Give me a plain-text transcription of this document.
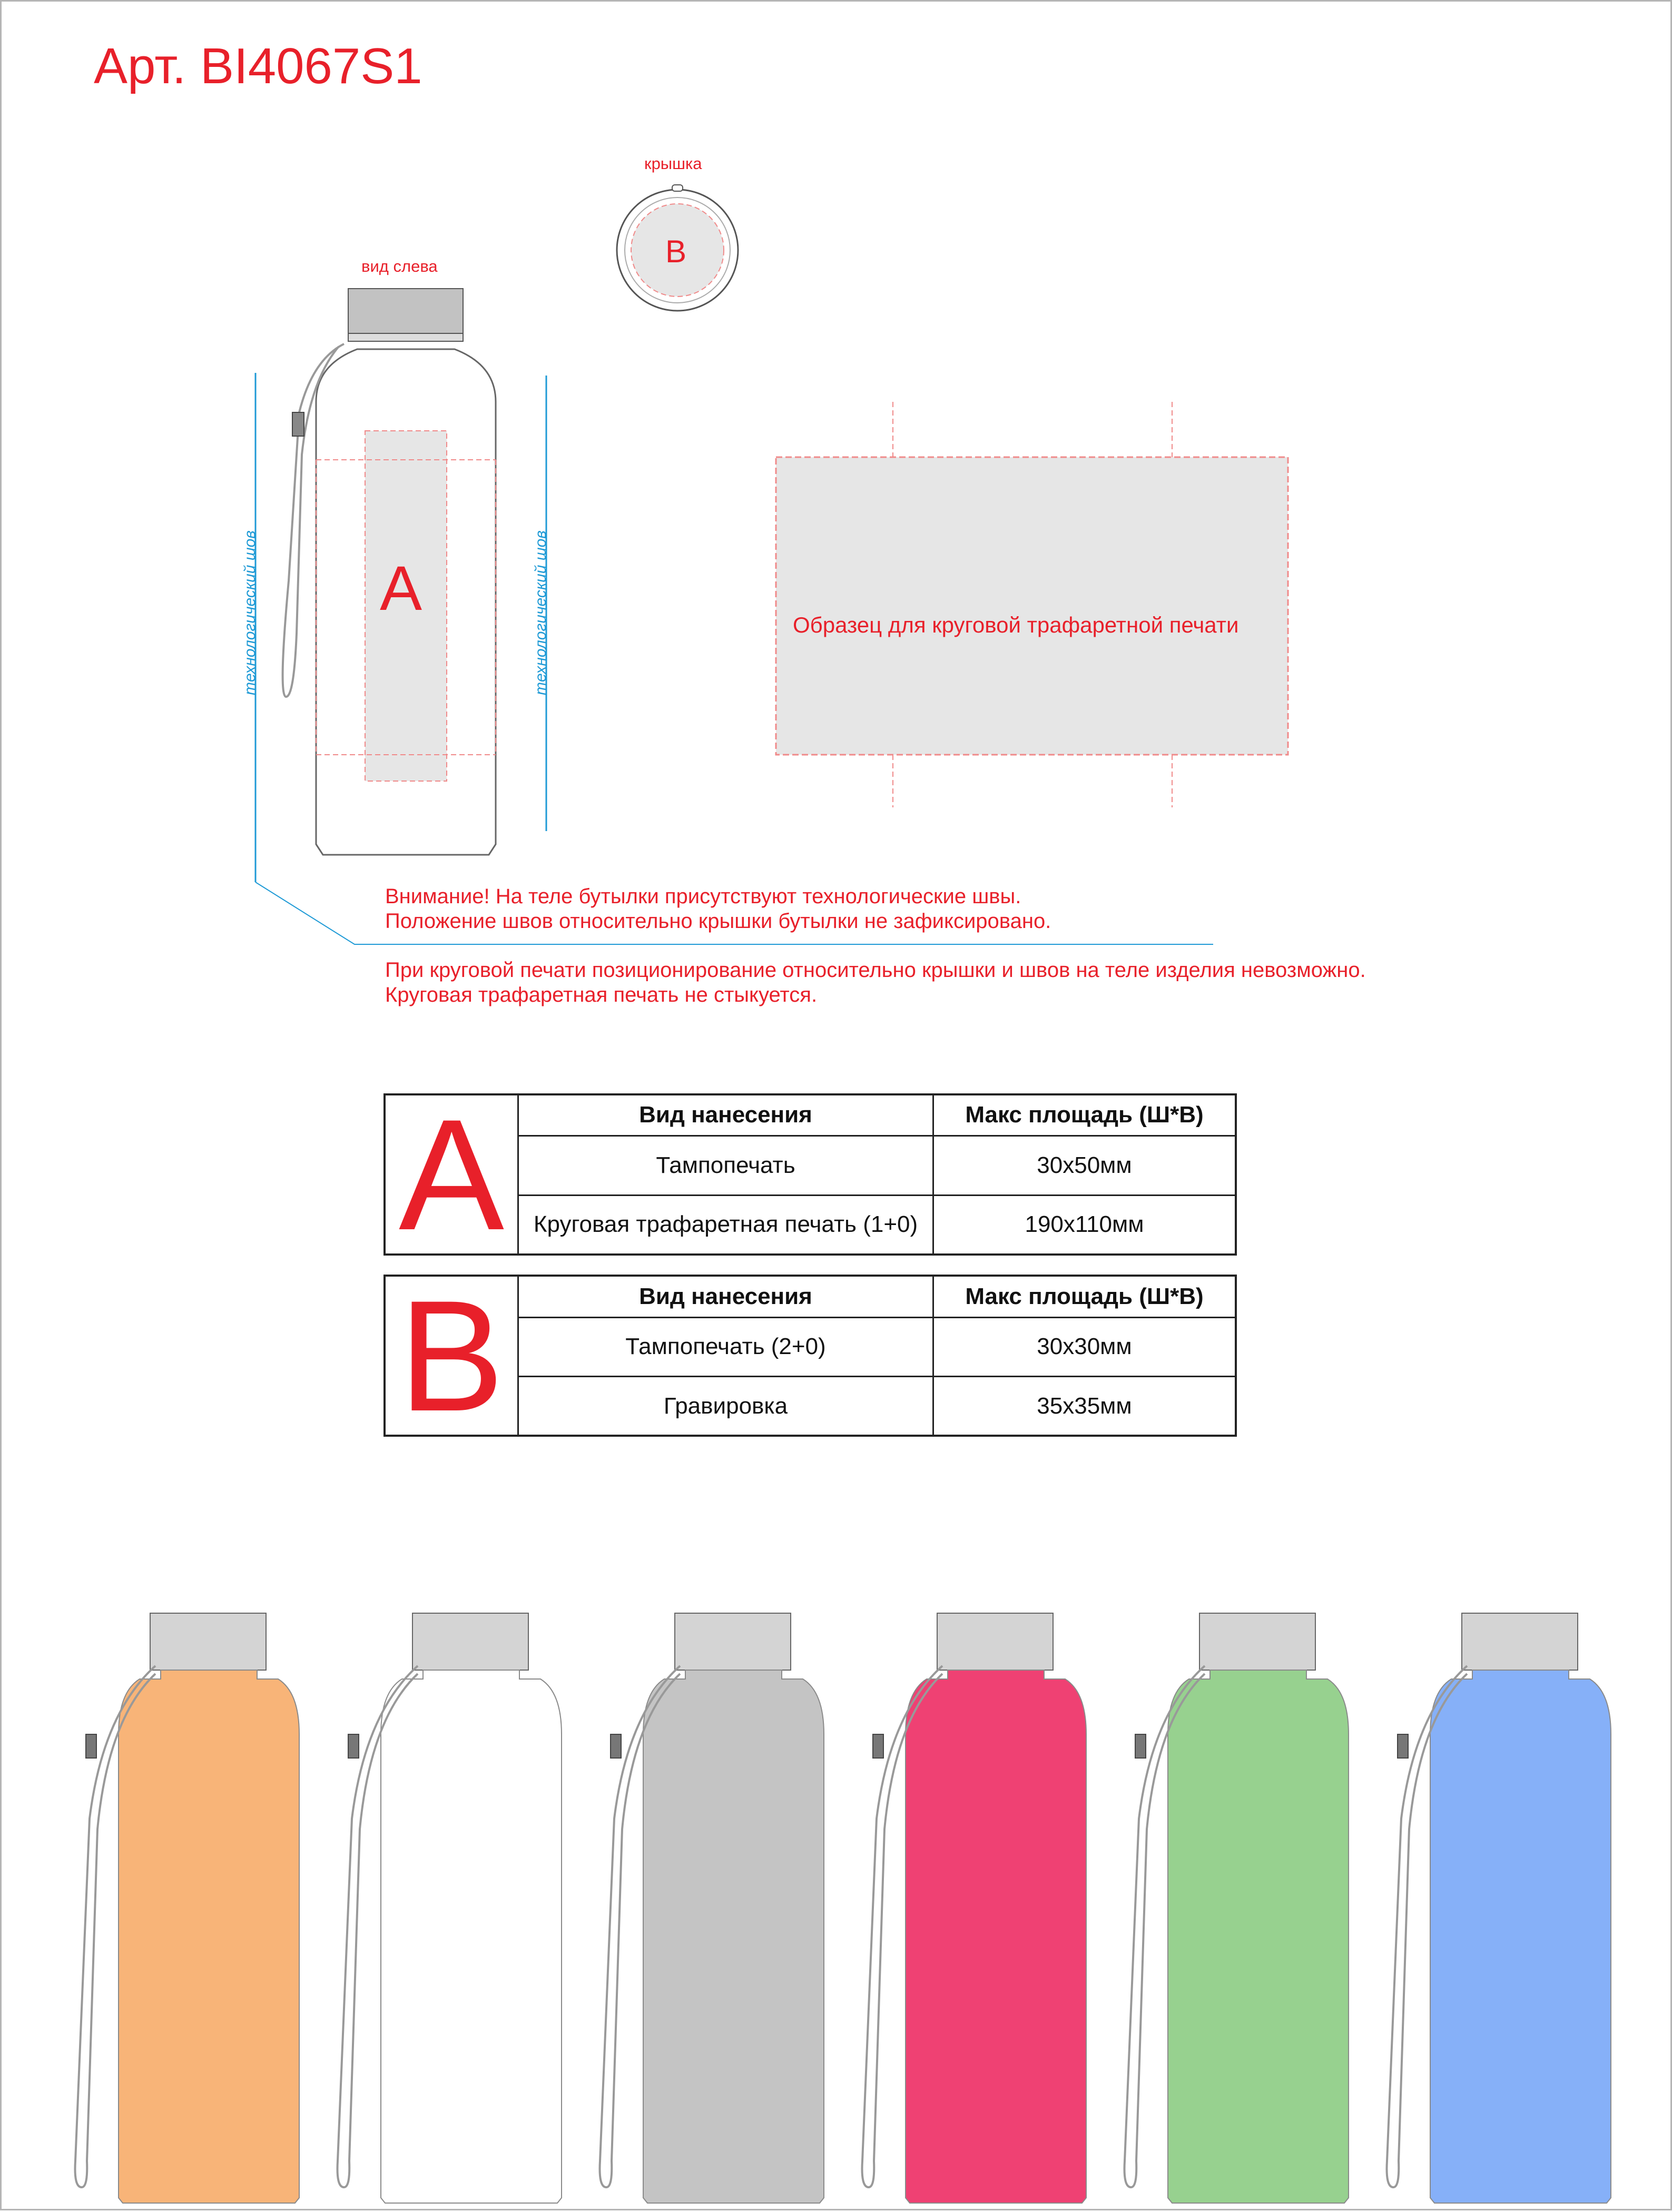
Арт. BI4067S1
крышка
B
вид слева
A
технологический шов	технологический шов	Образец для круговой трафаретной печати
Внимание! На теле бутылки присутствуют технологические швы.
Положение швов относительно крышки бутылки не зафиксировано.
При круговой печати позиционирование относительно крышки и швов на теле изделия невозможно.
Круговая трафаретная печать не стыкуется.
A	Вид нанесения	Макс площадь (Ш*В)
	Тампопечать	30x50мм
	Круговая трафаретная печать (1+0)	190x110мм
B	Вид нанесения	Макс площадь (Ш*В)
	Тампопечать (2+0)	30x30мм
	Гравировка	35x35мм
